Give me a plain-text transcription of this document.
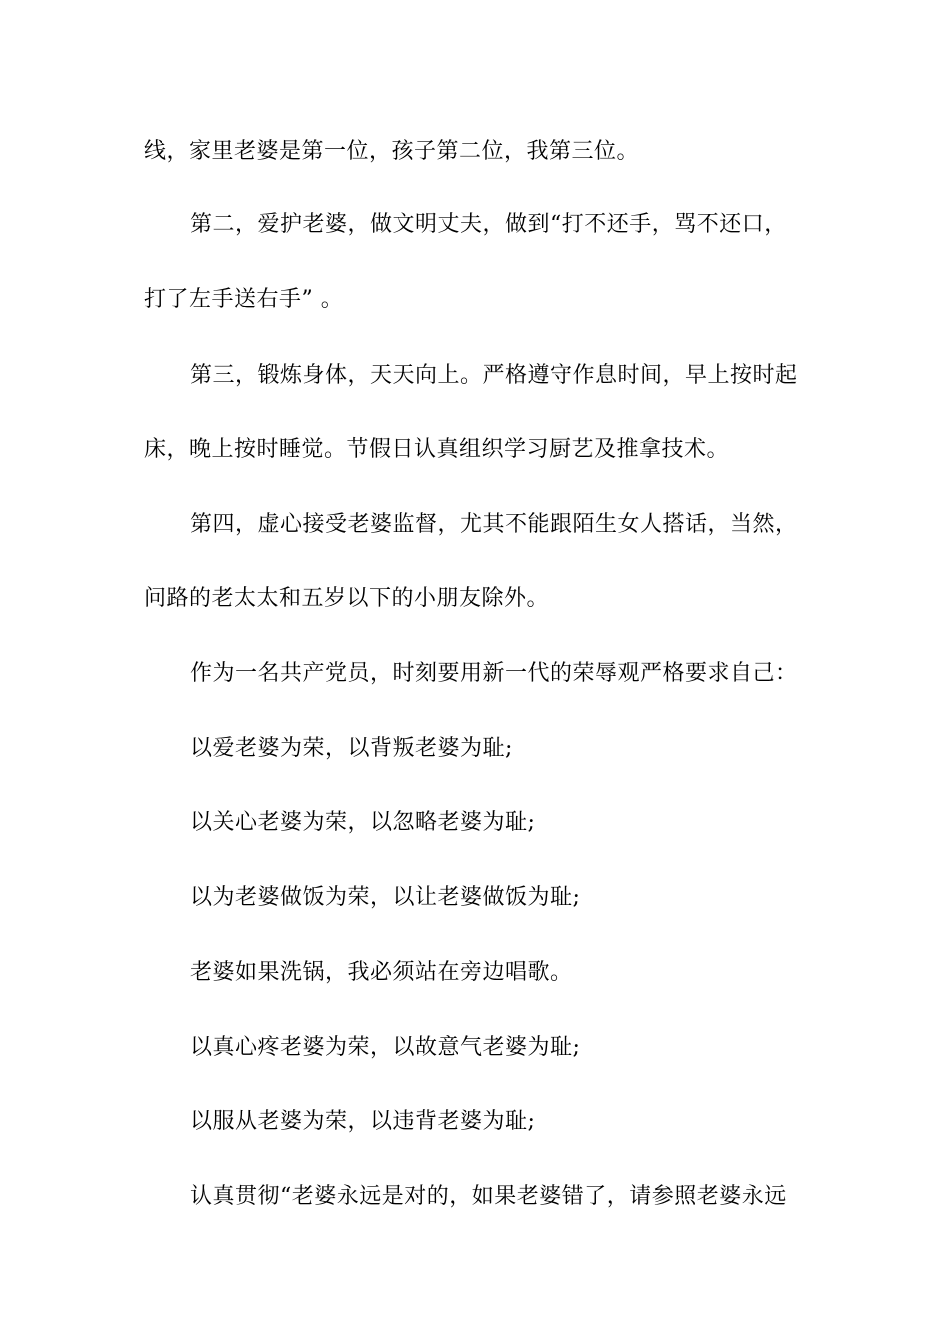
线，家里老婆是第一位，孩子第二位，我第三位。
第二，爱护老婆，做文明丈夫，做到“打不还手，骂不还口，
打了左手送右手” 。
第三，锻炼身体，天天向上。严格遵守作息时间，早上按时起
床，晚上按时睡觉。节假日认真组织学习厨艺及推拿技术。
第四，虚心接受老婆监督，尤其不能跟陌生女人搭话，当然，
问路的老太太和五岁以下的小朋友除外。
作为一名共产党员，时刻要用新一代的荣辱观严格要求自己：
以爱老婆为荣，以背叛老婆为耻;
以关心老婆为荣，以忽略老婆为耻;
以为老婆做饭为荣，以让老婆做饭为耻;
老婆如果洗锅，我必须站在旁边唱歌。
以真心疼老婆为荣，以故意气老婆为耻;
以服从老婆为荣，以违背老婆为耻;
认真贯彻“老婆永远是对的，如果老婆错了，请参照老婆永远
